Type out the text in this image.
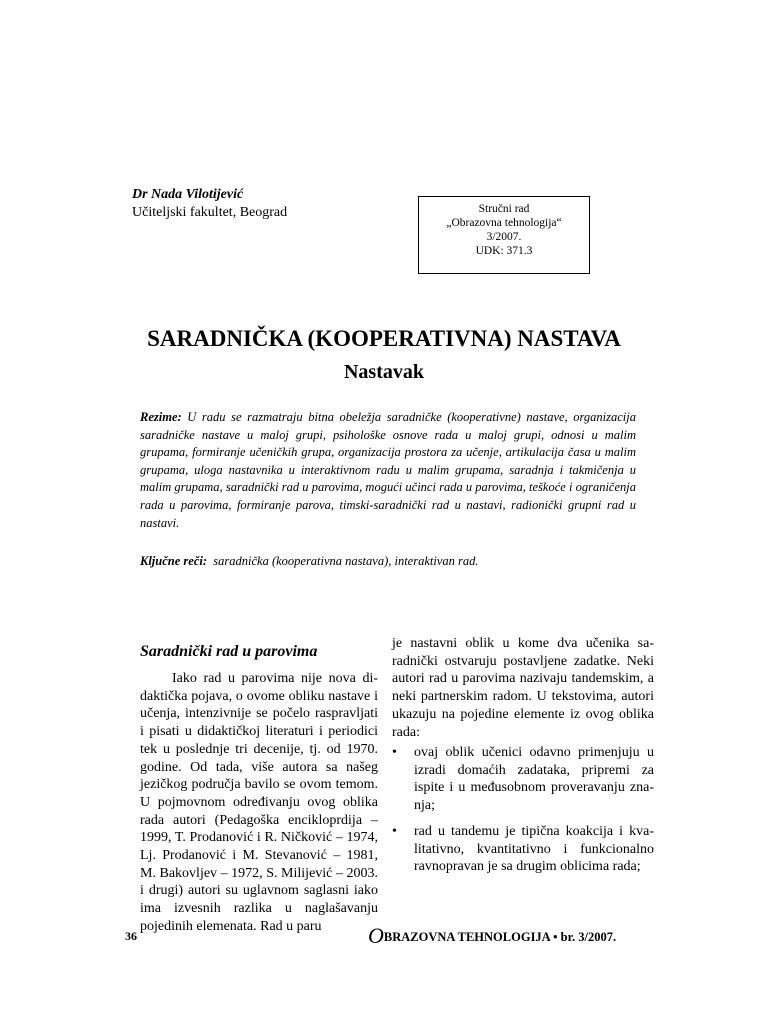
Dr Nada Vilotijević
Učiteljski fakultet, Beograd	Stručni rad
„Obrazovna tehnologija“
3/2007.
UDK: 371.3
SARADNIČKA (KOOPERATIVNA) NASTAVA
Nastavak

Rezime: U radu se razmatraju bitna obeležja saradničke (kooperativne) nastave, organizacija saradničke nastave u maloj grupi, psihološke osnove rada u maloj grupi, odnosi u malim grupama, formiranje učeničkih grupa, organizacija prostora za učenje, artikulacija časa u malim grupama, uloga nastavnika u interaktivnom radu u malim grupama, saradnja i takmičenja u malim grupama, saradnički rad u parovima, mogući učinci rada u parovima, teškoće i ograničenja rada u parovima, formiranje parova, timski-saradnički rad u nastavi, radionički grupni rad u nastavi.

Ključne reči: saradnička (kooperativna nastava), interaktivan rad.

Saradnički rad u parovima

Iako rad u parovima nije nova didaktička pojava, o ovome obliku nastave i učenja, intenzivnije se počelo raspravljati i pisati u didaktičkoj literaturi i periodici tek u poslednje tri decenije, tj. od 1970. godine. Od tada, više autora sa našeg jezičkog područja bavilo se ovom temom. U pojmovnom određivanju ovog oblika rada autori (Pedagoška encikloprdija – 1999, T. Prodanović i R. Ničković – 1974, Lj. Prodanović i M. Stevanović – 1981, M. Bakovljev – 1972, S. Milijević – 2003. i drugi) autori su uglavnom saglasni iako ima izvesnih razlika u naglašavanju pojedinih elemenata. Rad u paru

je nastavni oblik u kome dva učenika saradnički ostvaruju postavljene zadatke. Neki autori rad u parovima nazivaju tandemskim, a neki partnerskim radom. U tekstovima, autori ukazuju na pojedine elemente iz ovog oblika rada:

• ovaj oblik učenici odavno primenjuju u izradi domaćih zadataka, pripremi za ispite i u međusobnom proveravanju znanja;
• rad u tandemu je tipična koakcija i kvalitativno, kvantitativno i funkcionalno ravnopravan je sa drugim oblicima rada;
36	OBRAZOVNA TEHNOLOGIJA • br. 3/2007.
